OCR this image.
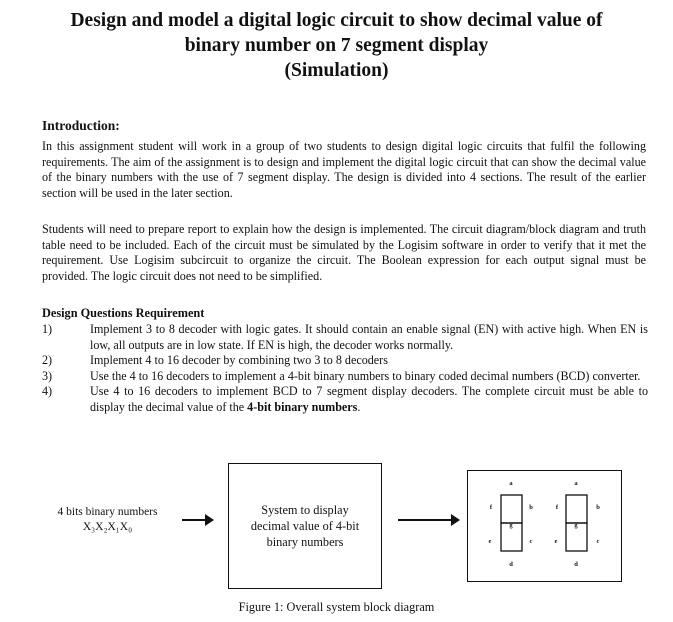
Design and model a digital logic circuit to show decimal value of
binary number on 7 segment display
(Simulation)
Introduction:

In this assignment student will work in a group of two students to design digital logic circuits that fulfil the following requirements. The aim of the assignment is to design and implement the digital logic circuit that can show the decimal value of the binary numbers with the use of 7 segment display. The design is divided into 4 sections. The result of the earlier section will be used in the later section.

Students will need to prepare report to explain how the design is implemented. The circuit diagram/block diagram and truth table need to be included. Each of the circuit must be simulated by the Logisim software in order to verify that it met the requirement. Use Logisim subcircuit to organize the circuit. The Boolean expression for each output signal must be provided. The logic circuit does not need to be simplified.

Design Questions Requirement
1)	Implement 3 to 8 decoder with logic gates. It should contain an enable signal (EN) with active high. When EN is low, all outputs are in low state. If EN is high, the decoder works normally.
2)	Implement 4 to 16 decoder by combining two 3 to 8 decoders
3)	Use the 4 to 16 decoders to implement a 4-bit binary numbers to binary coded decimal numbers (BCD) converter.
4)	Use 4 to 16 decoders to implement BCD to 7 segment display decoders. The complete circuit must be able to display the decimal value of the 4-bit binary numbers.
4 bits binary numbers
X₃X₂X₁X₀
System to display
decimal value of 4-bit
binary numbers
a
b
c
d
e
f
g
a
b
c
d
e
f
g

Figure 1: Overall system block diagram
